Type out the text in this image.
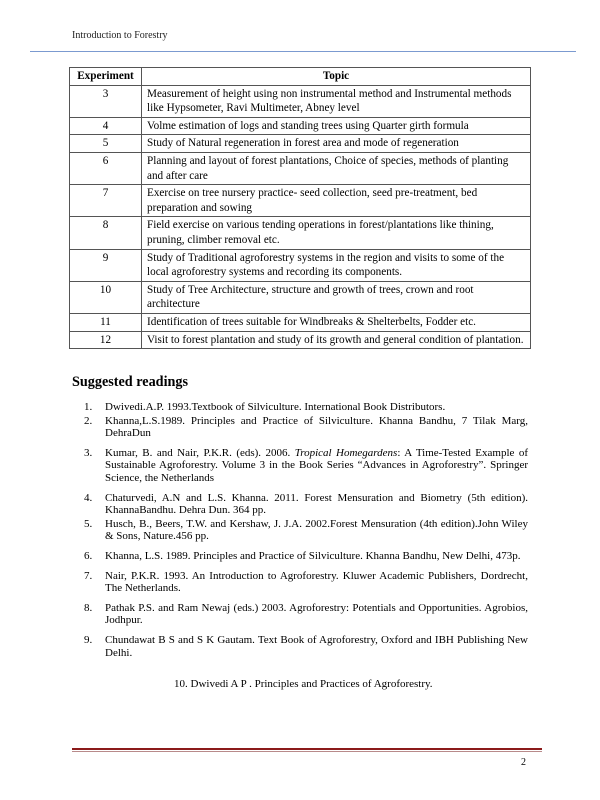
Introduction to Forestry
Experiment	Topic
3	Measurement of height using non instrumental method and Instrumental methods like Hypsometer, Ravi Multimeter, Abney level
4	Volme estimation of logs and standing trees using Quarter girth formula
5	Study of Natural regeneration in forest area and mode of regeneration
6	Planning and layout of forest plantations, Choice of species, methods of planting and after care
7	Exercise on tree nursery practice- seed collection, seed pre-treatment, bed preparation and sowing
8	Field exercise on various tending operations in forest/plantations like thining, pruning, climber removal etc.
9	Study of Traditional agroforestry systems in the region and visits to some of the local agroforestry systems and recording its components.
10	Study of Tree Architecture, structure and growth of trees, crown and root architecture
11	Identification of trees suitable for Windbreaks & Shelterbelts, Fodder etc.
12	Visit to forest plantation and study of its growth and general condition of plantation.
Suggested readings
1. Dwivedi.A.P. 1993.Textbook of Silviculture. International Book Distributors.
2. Khanna,L.S.1989. Principles and Practice of Silviculture. Khanna Bandhu, 7 Tilak Marg, DehraDun
3. Kumar, B. and Nair, P.K.R. (eds). 2006. Tropical Homegardens: A Time-Tested Example of Sustainable Agroforestry. Volume 3 in the Book Series “Advances in Agroforestry”. Springer Science, the Netherlands
4. Chaturvedi, A.N and L.S. Khanna. 2011. Forest Mensuration and Biometry (5th edition). KhannaBandhu. Dehra Dun. 364 pp.
5. Husch, B., Beers, T.W. and Kershaw, J. J.A. 2002.Forest Mensuration (4th edition).John Wiley & Sons, Nature.456 pp.
6. Khanna, L.S. 1989. Principles and Practice of Silviculture. Khanna Bandhu, New Delhi, 473p.
7. Nair, P.K.R. 1993. An Introduction to Agroforestry. Kluwer Academic Publishers, Dordrecht, The Netherlands.
8. Pathak P.S. and Ram Newaj (eds.) 2003. Agroforestry: Potentials and Opportunities. Agrobios, Jodhpur.
9. Chundawat B S and S K Gautam. Text Book of Agroforestry, Oxford and IBH Publishing New Delhi.
10. Dwivedi A P . Principles and Practices of Agroforestry.
2
